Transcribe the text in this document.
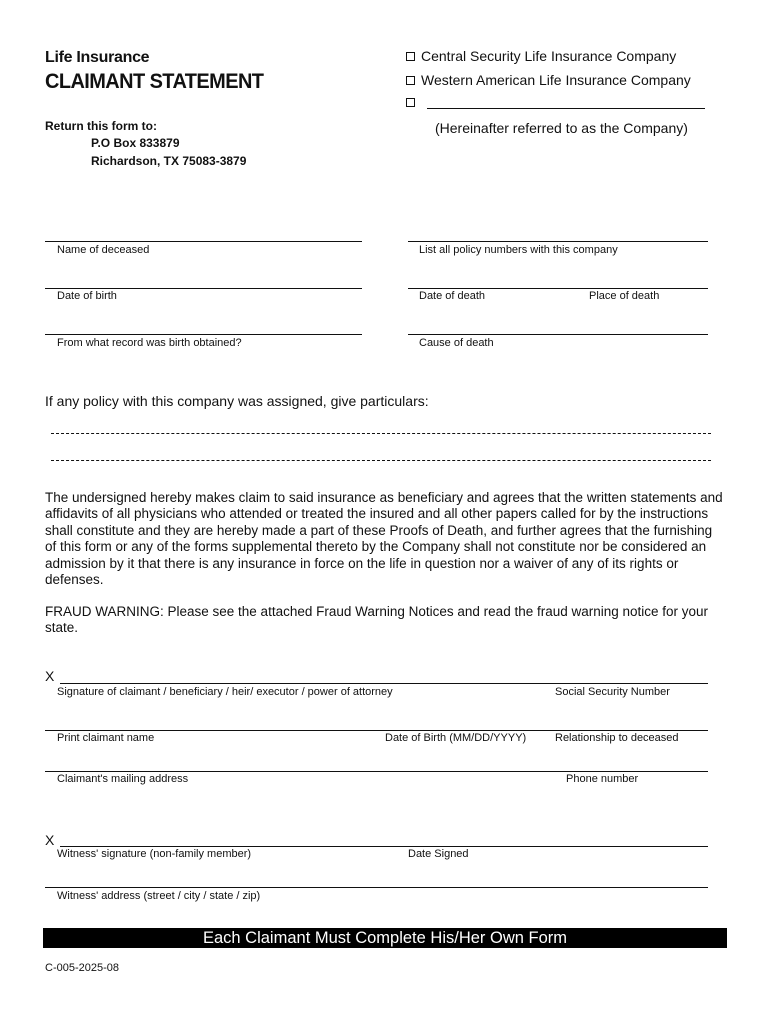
Life Insurance
CLAIMANT STATEMENT
Return this form to:
P.O Box 833879
Richardson, TX 75083-3879
Central Security Life Insurance Company
Western American Life Insurance Company
(Hereinafter referred to as the Company)
Name of deceased	List all policy numbers with this company
Date of birth	Date of death	Place of death
From what record was birth obtained?	Cause of death
If any policy with this company was assigned, give particulars:
The undersigned hereby makes claim to said insurance as beneficiary and agrees that the written statements and affidavits of all physicians who attended or treated the insured and all other papers called for by the instructions shall constitute and they are hereby made a part of these Proofs of Death, and further agrees that the furnishing of this form or any of the forms supplemental thereto by the Company shall not constitute nor be considered an admission by it that there is any insurance in force on the life in question nor a waiver of any of its rights or defenses.
FRAUD WARNING: Please see the attached Fraud Warning Notices and read the fraud warning notice for your state.
X
Signature of claimant / beneficiary / heir/ executor / power of attorney	Social Security Number
Print claimant name	Date of Birth (MM/DD/YYYY)	Relationship to deceased
Claimant's mailing address	Phone number
X
Witness' signature (non-family member)	Date Signed
Witness' address (street / city / state / zip)
Each Claimant Must Complete His/Her Own Form
C-005-2025-08
